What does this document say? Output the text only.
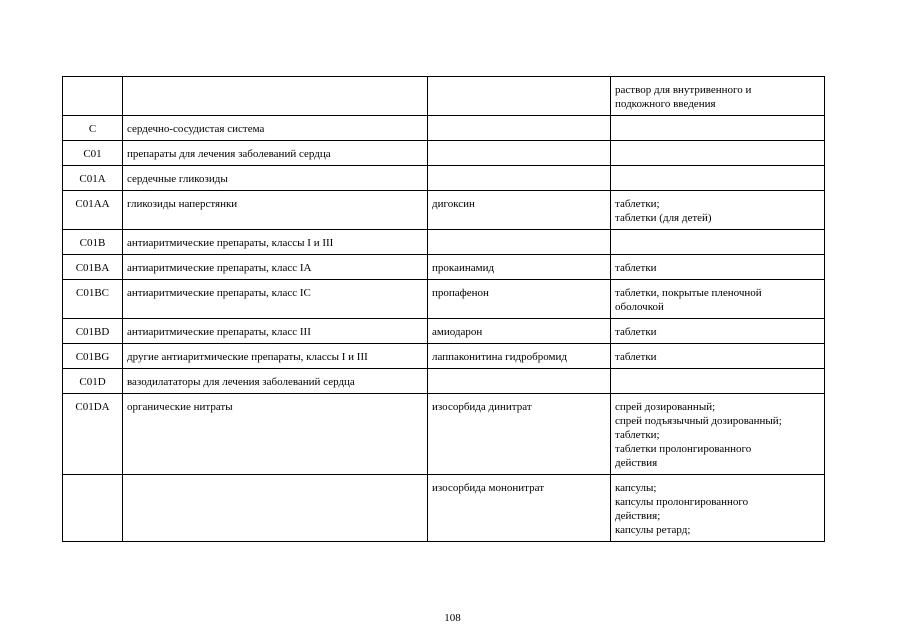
			раствор для внутривенного и
подкожного введения
C	сердечно-сосудистая система		
C01	препараты для лечения заболеваний сердца		
C01A	сердечные гликозиды		
C01AA	гликозиды наперстянки	дигоксин	таблетки;
таблетки (для детей)
C01B	антиаритмические препараты, классы I и III		
C01BA	антиаритмические препараты, класс IA	прокаинамид	таблетки
C01BC	антиаритмические препараты, класс IC	пропафенон	таблетки, покрытые пленочной
оболочкой
C01BD	антиаритмические препараты, класс III	амиодарон	таблетки
C01BG	другие антиаритмические препараты, классы I и III	лаппаконитина гидробромид	таблетки
C01D	вазодилататоры для лечения заболеваний сердца		
C01DA	органические нитраты	изосорбида динитрат	спрей дозированный;
спрей подъязычный дозированный;
таблетки;
таблетки пролонгированного
действия
		изосорбида мононитрат	капсулы;
капсулы пролонгированного
действия;
капсулы ретард;
108
